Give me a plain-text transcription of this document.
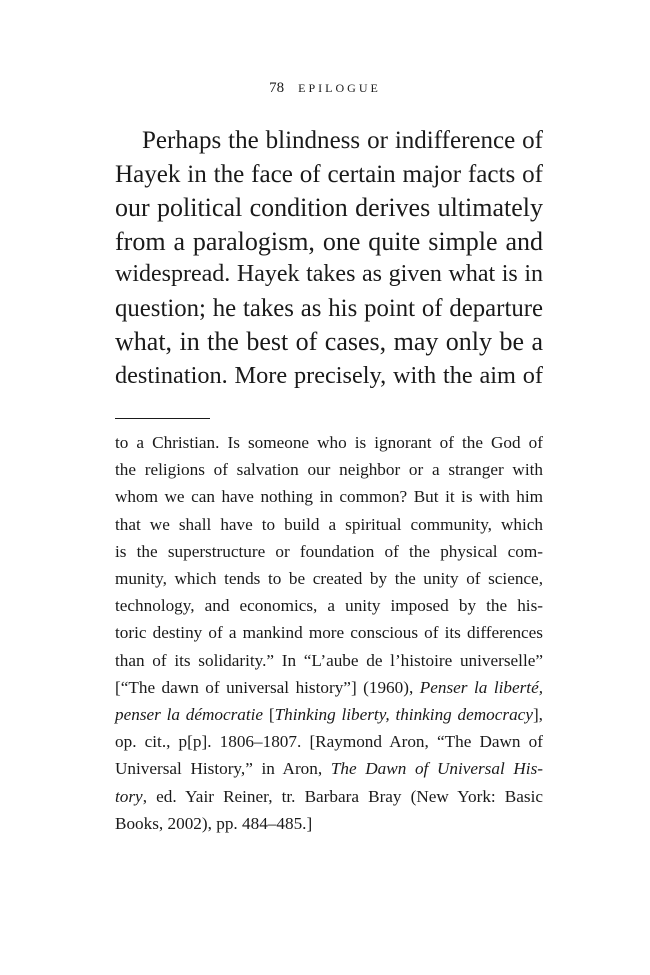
78 EPILOGUE
Perhaps the blindness or indifference of
Hayek in the face of certain major facts of
our political condition derives ultimately
from a paralogism, one quite simple and
widespread. Hayek takes as given what is in
question; he takes as his point of departure
what, in the best of cases, may only be a
destination. More precisely, with the aim of
to a Christian. Is someone who is ignorant of the God of
the religions of salvation our neighbor or a stranger with
whom we can have nothing in common? But it is with him
that we shall have to build a spiritual community, which
is the superstructure or foundation of the physical com-
munity, which tends to be created by the unity of science,
technology, and economics, a unity imposed by the his-
toric destiny of a mankind more conscious of its differences
than of its solidarity.” In “L’aube de l’histoire universelle”
[“The dawn of universal history”] (1960), Penser la liberté,
penser la démocratie [Thinking liberty, thinking democracy],
op. cit., p[p]. 1806–1807. [Raymond Aron, “The Dawn of
Universal History,” in Aron, The Dawn of Universal His-
tory, ed. Yair Reiner, tr. Barbara Bray (New York: Basic
Books, 2002), pp. 484–485.]
